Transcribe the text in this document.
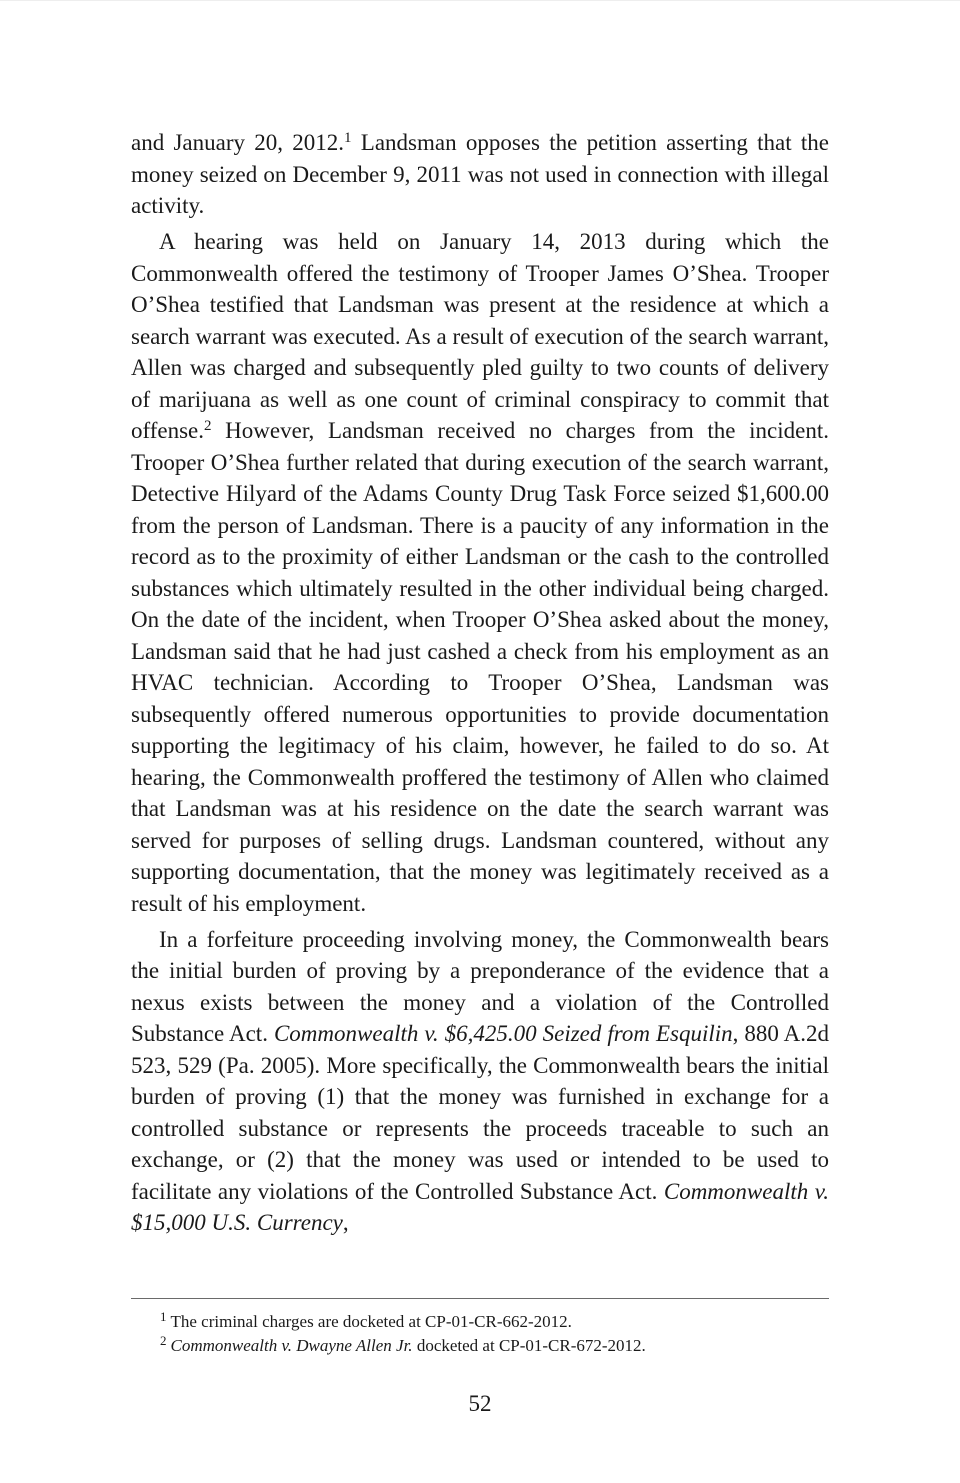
and January 20, 2012.$^1$ Landsman opposes the petition asserting that the money seized on December 9, 2011 was not used in connection with illegal activity.

A hearing was held on January 14, 2013 during which the Commonwealth offered the testimony of Trooper James O’Shea. Trooper O’Shea testified that Landsman was present at the residence at which a search warrant was executed. As a result of execution of the search warrant, Allen was charged and subsequently pled guilty to two counts of delivery of marijuana as well as one count of criminal conspiracy to commit that offense.$^2$ However, Landsman received no charges from the incident. Trooper O’Shea further related that during execution of the search warrant, Detective Hilyard of the Adams County Drug Task Force seized $1,600.00 from the person of Landsman. There is a paucity of any information in the record as to the proximity of either Landsman or the cash to the controlled substances which ultimately resulted in the other individual being charged. On the date of the incident, when Trooper O’Shea asked about the money, Landsman said that he had just cashed a check from his employment as an HVAC technician. According to Trooper O’Shea, Landsman was subsequently offered numerous opportunities to provide documentation supporting the legitimacy of his claim, however, he failed to do so. At hearing, the Commonwealth proffered the testimony of Allen who claimed that Landsman was at his residence on the date the search warrant was served for purposes of selling drugs. Landsman countered, without any supporting documentation, that the money was legitimately received as a result of his employment.

In a forfeiture proceeding involving money, the Commonwealth bears the initial burden of proving by a preponderance of the evidence that a nexus exists between the money and a violation of the Controlled Substance Act. Commonwealth v. $6,425.00 Seized from Esquilin, 880 A.2d 523, 529 (Pa. 2005). More specifically, the Commonwealth bears the initial burden of proving (1) that the money was furnished in exchange for a controlled substance or represents the proceeds traceable to such an exchange, or (2) that the money was used or intended to be used to facilitate any violations of the Controlled Substance Act. Commonwealth v. $15,000 U.S. Currency,

$^1$ The criminal charges are docketed at CP-01-CR-662-2012.

$^2$ Commonwealth v. Dwayne Allen Jr. docketed at CP-01-CR-672-2012.

52
